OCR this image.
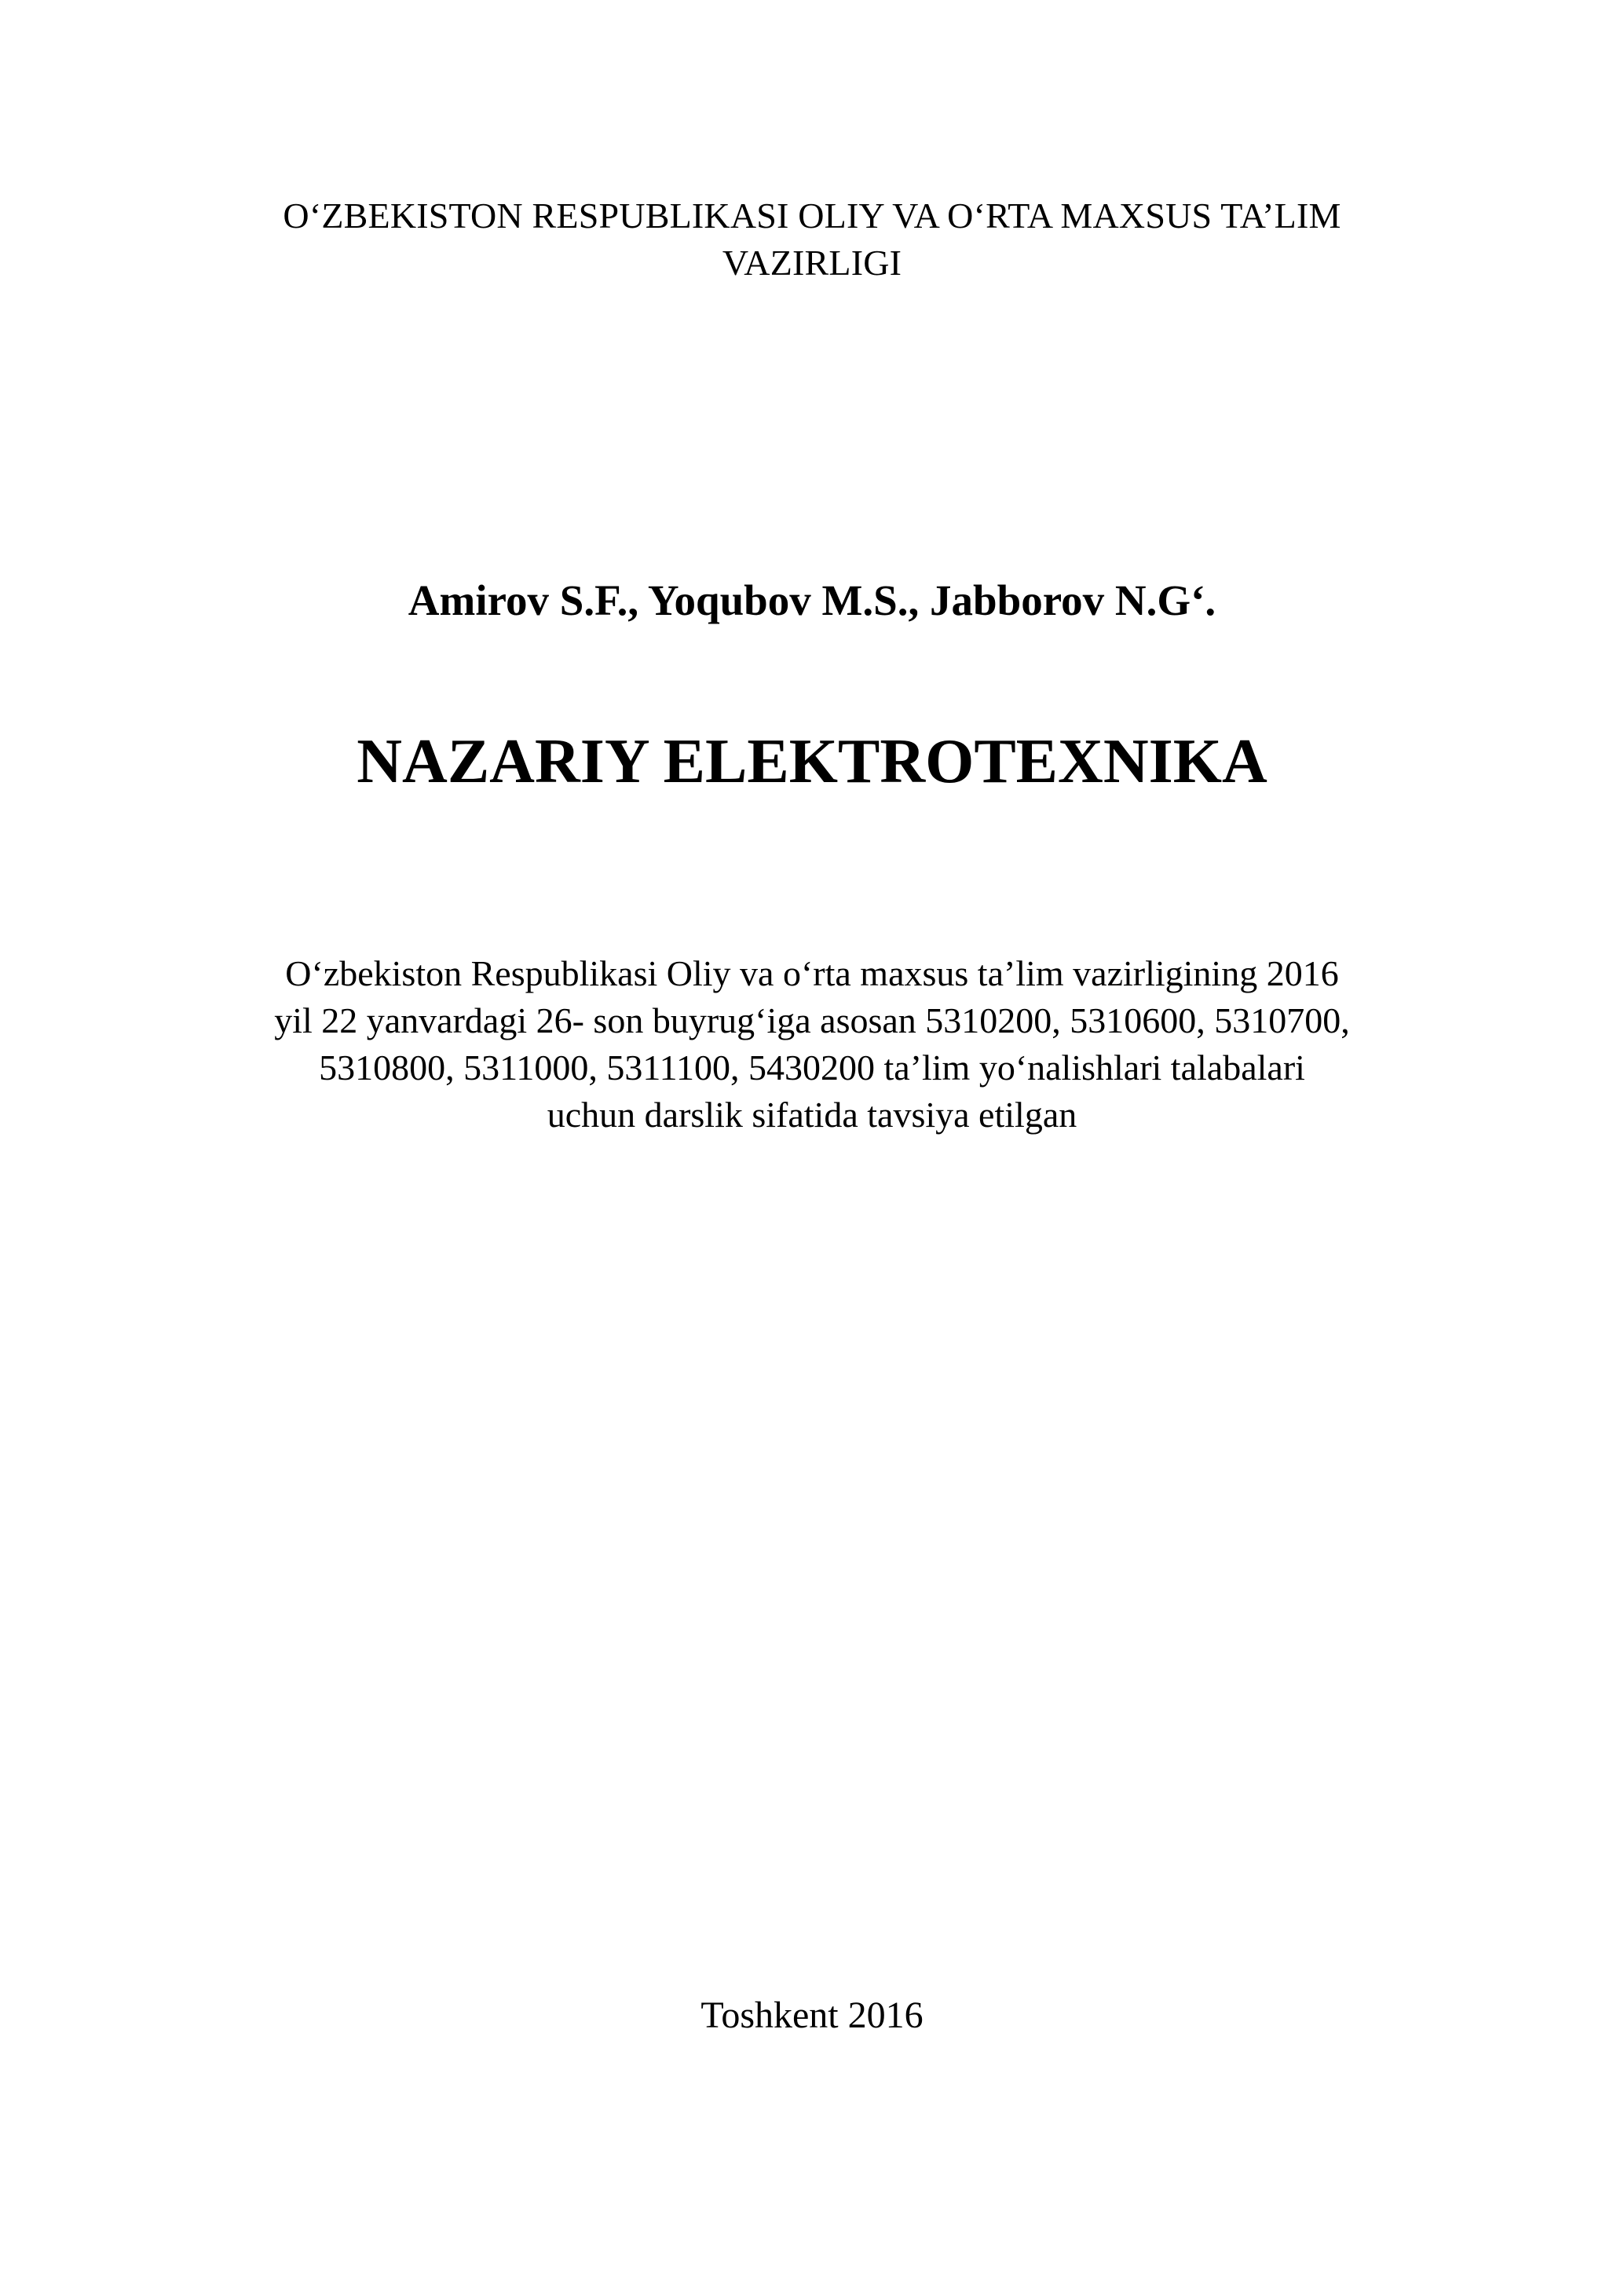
O‘ZBEKISTON RESPUBLIKASI OLIY VA O‘RTA MAXSUS TA’LIM
VAZIRLIGI
Amirov S.F., Yoqubov M.S., Jabborov N.G‘.
NAZARIY ELEKTROTEXNIKA
O‘zbekiston Respublikasi Oliy va o‘rta maxsus ta’lim vazirligining 2016
yil 22 yanvardagi 26- son buyrug‘iga asosan 5310200, 5310600, 5310700,
5310800, 5311000, 5311100, 5430200 ta’lim yo‘nalishlari talabalari
uchun darslik sifatida tavsiya etilgan
Toshkent 2016
